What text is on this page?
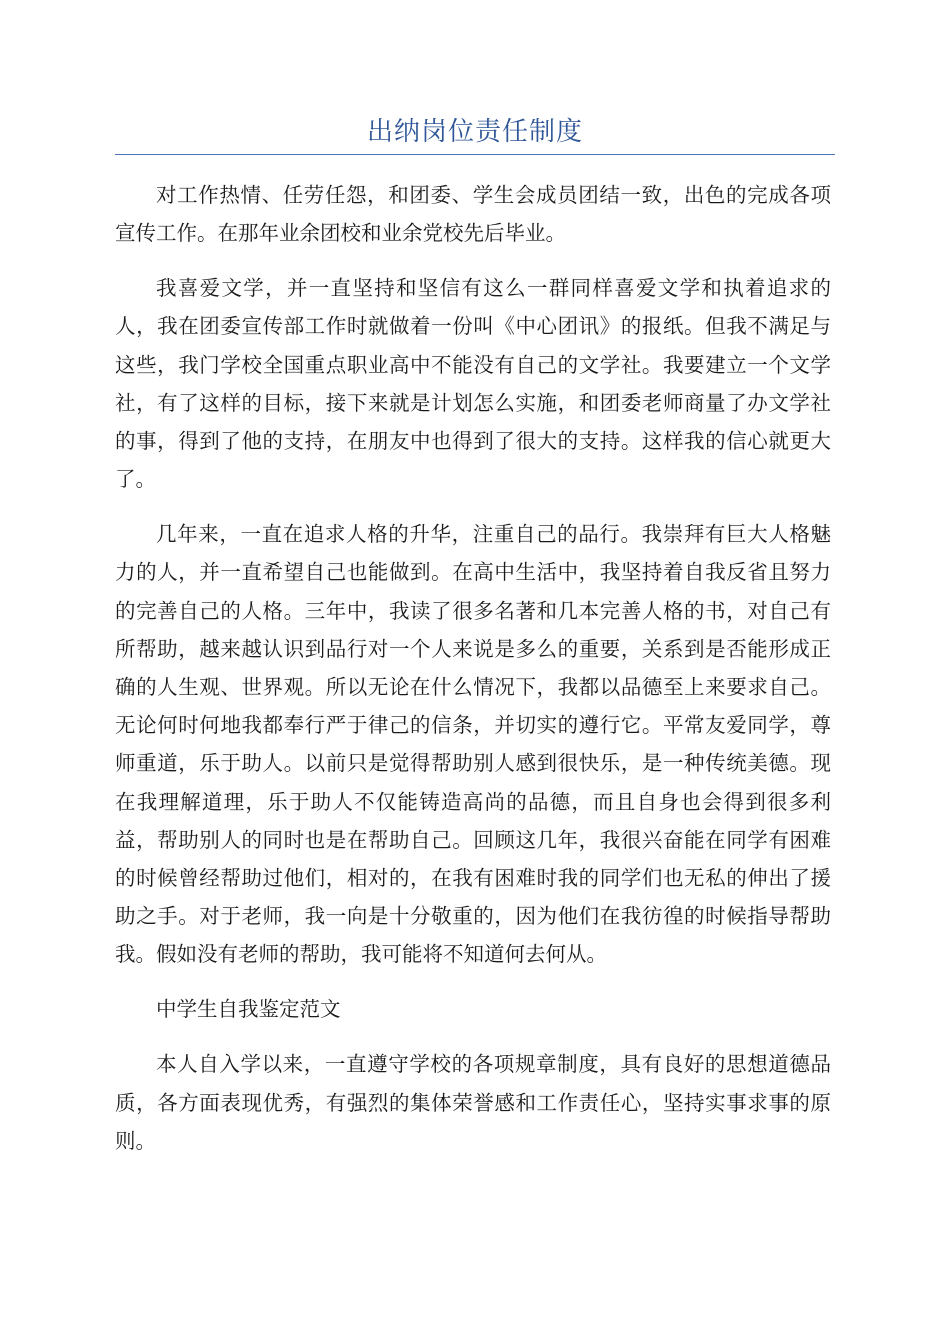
出纳岗位责任制度

对工作热情、任劳任怨，和团委、学生会成员团结一致，出色的完成各项宣传工作。在那年业余团校和业余党校先后毕业。

我喜爱文学，并一直坚持和坚信有这么一群同样喜爱文学和执着追求的人，我在团委宣传部工作时就做着一份叫《中心团讯》的报纸。但我不满足与这些，我门学校全国重点职业高中不能没有自己的文学社。我要建立一个文学社，有了这样的目标，接下来就是计划怎么实施，和团委老师商量了办文学社的事，得到了他的支持，在朋友中也得到了很大的支持。这样我的信心就更大了。

几年来，一直在追求人格的升华，注重自己的品行。我崇拜有巨大人格魅力的人，并一直希望自己也能做到。在高中生活中，我坚持着自我反省且努力的完善自己的人格。三年中，我读了很多名著和几本完善人格的书，对自己有所帮助，越来越认识到品行对一个人来说是多么的重要，关系到是否能形成正确的人生观、世界观。所以无论在什么情况下，我都以品德至上来要求自己。无论何时何地我都奉行严于律己的信条，并切实的遵行它。平常友爱同学，尊师重道，乐于助人。以前只是觉得帮助别人感到很快乐，是一种传统美德。现在我理解道理，乐于助人不仅能铸造高尚的品德，而且自身也会得到很多利益，帮助别人的同时也是在帮助自己。回顾这几年，我很兴奋能在同学有困难的时候曾经帮助过他们，相对的，在我有困难时我的同学们也无私的伸出了援助之手。对于老师，我一向是十分敬重的，因为他们在我彷徨的时候指导帮助我。假如没有老师的帮助，我可能将不知道何去何从。

中学生自我鉴定范文

本人自入学以来，一直遵守学校的各项规章制度，具有良好的思想道德品质，各方面表现优秀，有强烈的集体荣誉感和工作责任心，坚持实事求事的原则。
